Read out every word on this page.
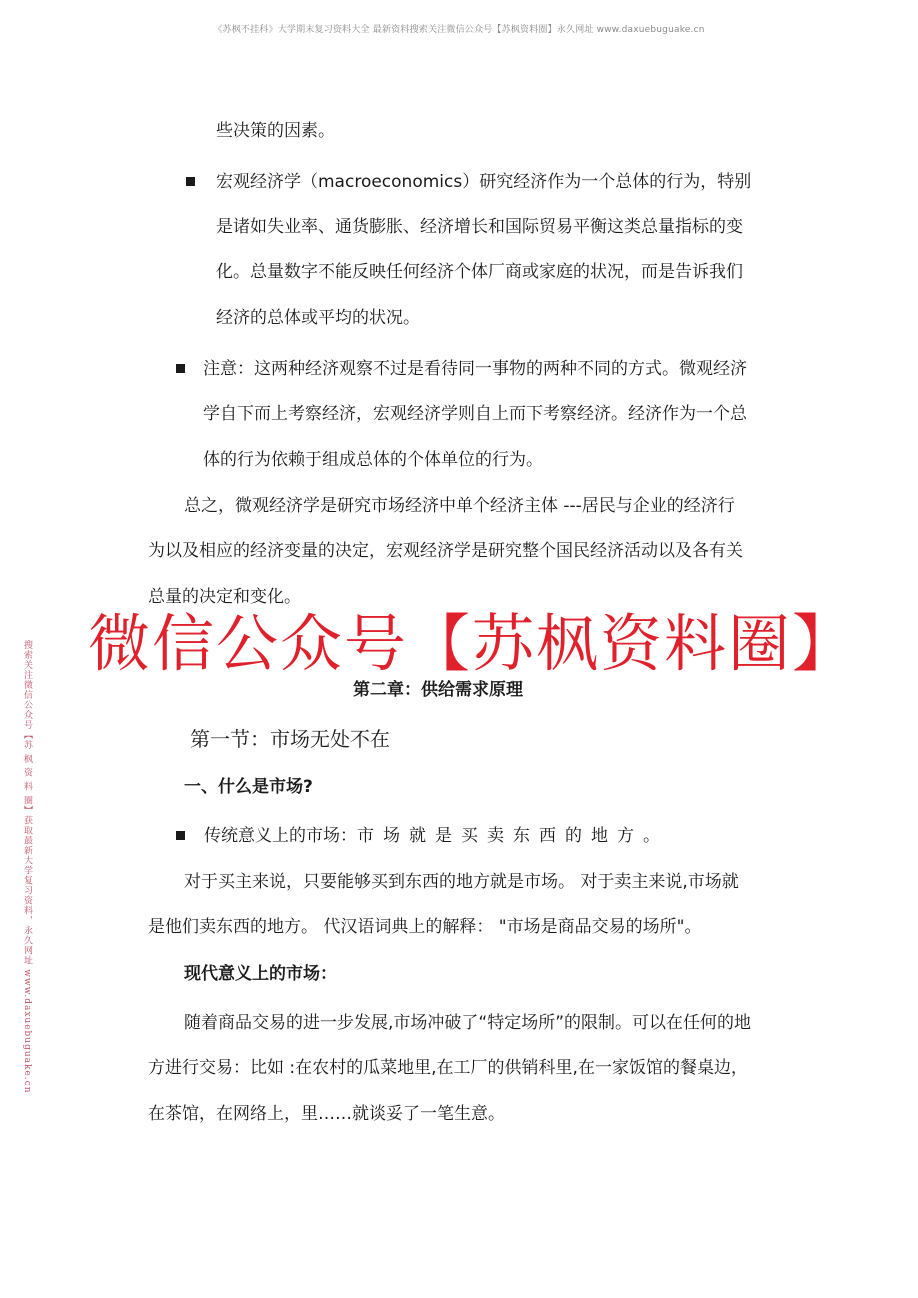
《苏枫不挂科》大学期末复习资料大全 最新资料搜索关注微信公众号【苏枫资料圈】永久网址 www.daxuebuguake.cn
些决策的因素。
宏观经济学（macroeconomics）研究经济作为一个总体的行为，特别
是诸如失业率、通货膨胀、经济增长和国际贸易平衡这类总量指标的变
化。总量数字不能反映任何经济个体厂商或家庭的状况，而是告诉我们
经济的总体或平均的状况。
注意：这两种经济观察不过是看待同一事物的两种不同的方式。微观经济
学自下而上考察经济，宏观经济学则自上而下考察经济。经济作为一个总
体的行为依赖于组成总体的个体单位的行为。
总之，微观经济学是研究市场经济中单个经济主体 ---居民与企业的经济行
为以及相应的经济变量的决定，宏观经济学是研究整个国民经济活动以及各有关
总量的决定和变化。
微信公众号【苏枫资料圈】
搜索关注微信公众号【苏 枫 资 料 圈】获取最新大学复习资料，永久网址 www.daxuebuguake.cn	第二章：供给需求原理
第一节：市场无处不在
一、什么是市场?
传统意义上的市场：市场就是买卖东西的地方。
对于买主来说，只要能够买到东西的地方就是市场。 对于卖主来说,市场就
是他们卖东西的地方。 代汉语词典上的解释： "市场是商品交易的场所"。
现代意义上的市场：
随着商品交易的进一步发展,市场冲破了“特定场所”的限制。可以在任何的地
方进行交易：比如 :在农村的瓜菜地里,在工厂的供销科里,在一家饭馆的餐桌边，
在茶馆，在网络上，里……就谈妥了一笔生意。
